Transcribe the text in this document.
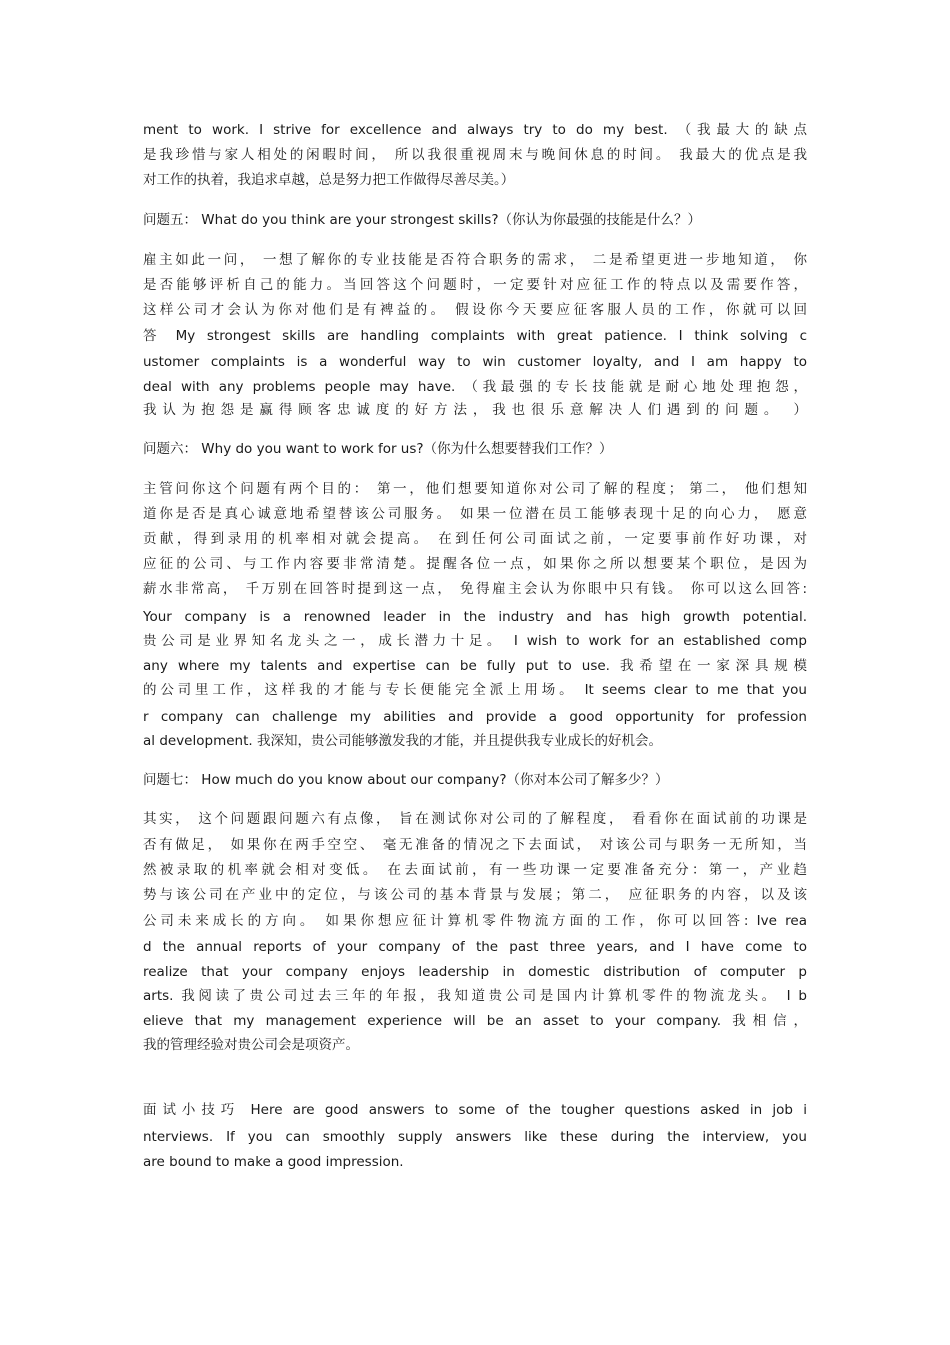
ment to work. I strive for excellence and always try to do my best. （我最大的缺点
是我珍惜与家人相处的闲暇时间， 所以我很重视周末与晚间休息的时间。 我最大的优点是我
对工作的执着，我追求卓越，总是努力把工作做得尽善尽美。）
问题五： What do you think are your strongest skills?（你认为你最强的技能是什么？）
雇主如此一问， 一想了解你的专业技能是否符合职务的需求， 二是希望更进一步地知道， 你
是否能够评析自己的能力。当回答这个问题时，一定要针对应征工作的特点以及需要作答，
这样公司才会认为你对他们是有裨益的。 假设你今天要应征客服人员的工作，你就可以回
答 My strongest skills are handling complaints with great patience. I think solving c
ustomer complaints is a wonderful way to win customer loyalty, and I am happy to
deal with any problems people may have. （我最强的专长技能就是耐心地处理抱怨，
我认为抱怨是赢得顾客忠诚度的好方法，我也很乐意解决人们遇到的问题。 ）
问题六： Why do you want to work for us?（你为什么想要替我们工作？）
主管问你这个问题有两个目的： 第一，他们想要知道你对公司了解的程度； 第二， 他们想知
道你是否是真心诚意地希望替该公司服务。 如果一位潜在员工能够表现十足的向心力， 愿意
贡献，得到录用的机率相对就会提高。 在到任何公司面试之前，一定要事前作好功课，对
应征的公司、与工作内容要非常清楚。提醒各位一点，如果你之所以想要某个职位，是因为
薪水非常高， 千万别在回答时提到这一点， 免得雇主会认为你眼中只有钱。 你可以这么回答:
Your company is a renowned leader in the industry and has high growth potential.
贵公司是业界知名龙头之一，成长潜力十足。 I wish to work for an established comp
any where my talents and expertise can be fully put to use. 我希望在一家深具规模
的公司里工作，这样我的才能与专长便能完全派上用场。 It seems clear to me that you
r company can challenge my abilities and provide a good opportunity for profession
al development. 我深知，贵公司能够激发我的才能，并且提供我专业成长的好机会。
问题七： How much do you know about our company?（你对本公司了解多少？）
其实， 这个问题跟问题六有点像， 旨在测试你对公司的了解程度， 看看你在面试前的功课是
否有做足， 如果你在两手空空、 毫无准备的情况之下去面试， 对该公司与职务一无所知，当
然被录取的机率就会相对变低。 在去面试前，有一些功课一定要准备充分：第一，产业趋
势与该公司在产业中的定位，与该公司的基本背景与发展；第二， 应征职务的内容，以及该
公司未来成长的方向。 如果你想应征计算机零件物流方面的工作，你可以回答: Ive rea
d the annual reports of your company of the past three years, and I have come to
realize that your company enjoys leadership in domestic distribution of computer p
arts. 我阅读了贵公司过去三年的年报，我知道贵公司是国内计算机零件的物流龙头。 I b
elieve that my management experience will be an asset to your company. 我相信，
我的管理经验对贵公司会是项资产。
面试小技巧 Here are good answers to some of the tougher questions asked in job i
nterviews. If you can smoothly supply answers like these during the interview, you
are bound to make a good impression.
